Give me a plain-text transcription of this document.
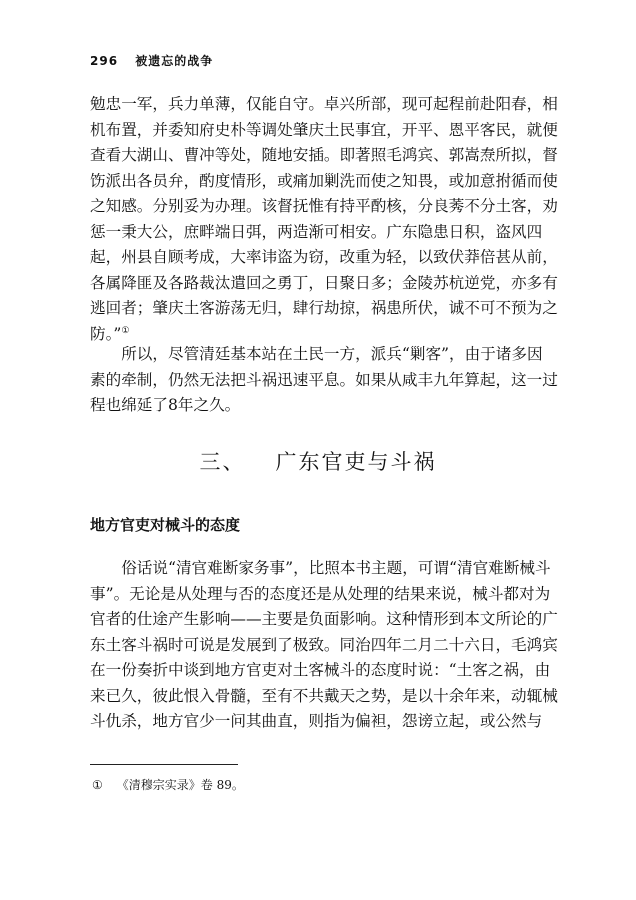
296 被遗忘的战争
勉忠一军，兵力单薄，仅能自守。卓兴所部，现可起程前赴阳春，相机布置，并委知府史朴等调处肇庆土民事宜，开平、恩平客民，就便查看大湖山、曹冲等处，随地安插。即著照毛鸿宾、郭嵩焘所拟，督饬派出各员弁，酌度情形，或痛加剿洗而使之知畏，或加意拊循而使之知感。分别妥为办理。该督抚惟有持平酌核，分良莠不分土客，劝惩一秉大公，庶畔端日弭，两造渐可相安。广东隐患日积，盗风四起，州县自顾考成，大率讳盗为窃，改重为轻，以致伏莽倍甚从前，各属降匪及各路裁汰遣回之勇丁，日聚日多；金陵苏杭逆党，亦多有逃回者；肇庆土客游荡无归，肆行劫掠，祸患所伏，诚不可不预为之防。”①
所以，尽管清廷基本站在土民一方，派兵“剿客”，由于诸多因素的牵制，仍然无法把斗祸迅速平息。如果从咸丰九年算起，这一过程也绵延了8年之久。
三、 广东官吏与斗祸
地方官吏对械斗的态度
俗话说“清官难断家务事”，比照本书主题，可谓“清官难断械斗事”。无论是从处理与否的态度还是从处理的结果来说，械斗都对为官者的仕途产生影响——主要是负面影响。这种情形到本文所论的广东土客斗祸时可说是发展到了极致。同治四年二月二十六日，毛鸿宾在一份奏折中谈到地方官吏对土客械斗的态度时说：“土客之祸，由来已久，彼此恨入骨髓，至有不共戴天之势，是以十余年来，动辄械斗仇杀，地方官少一问其曲直，则指为偏袒，怨谤立起，或公然与
① 《清穆宗实录》卷 89。
